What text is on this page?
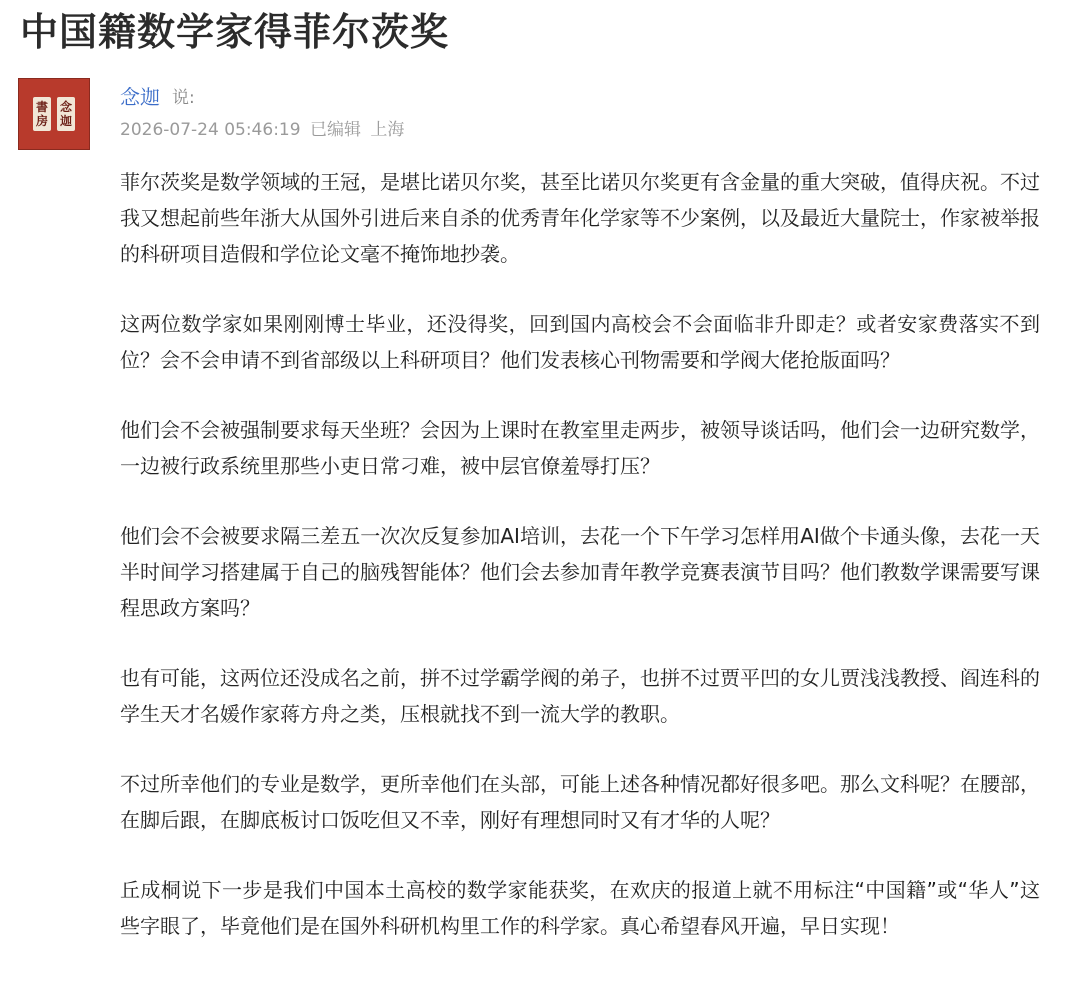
中国籍数学家得菲尔茨奖
念
迦
書
房
念迦 说:
2026-07-24 05:46:19 已编辑 上海

菲尔茨奖是数学领域的王冠，是堪比诺贝尔奖，甚至比诺贝尔奖更有含金量的重大突破，值得庆祝。不过我又想起前些年浙大从国外引进后来自杀的优秀青年化学家等不少案例，以及最近大量院士，作家被举报的科研项目造假和学位论文毫不掩饰地抄袭。

这两位数学家如果刚刚博士毕业，还没得奖，回到国内高校会不会面临非升即走？或者安家费落实不到位？会不会申请不到省部级以上科研项目？他们发表核心刊物需要和学阀大佬抢版面吗？

他们会不会被强制要求每天坐班？会因为上课时在教室里走两步，被领导谈话吗，他们会一边研究数学，一边被行政系统里那些小吏日常刁难，被中层官僚羞辱打压？

他们会不会被要求隔三差五一次次反复参加AI培训，去花一个下午学习怎样用AI做个卡通头像，去花一天半时间学习搭建属于自己的脑残智能体？他们会去参加青年教学竞赛表演节目吗？他们教数学课需要写课程思政方案吗？

也有可能，这两位还没成名之前，拼不过学霸学阀的弟子，也拼不过贾平凹的女儿贾浅浅教授、阎连科的学生天才名媛作家蒋方舟之类，压根就找不到一流大学的教职。

不过所幸他们的专业是数学，更所幸他们在头部，可能上述各种情况都好很多吧。那么文科呢？在腰部，在脚后跟，在脚底板讨口饭吃但又不幸，刚好有理想同时又有才华的人呢？

丘成桐说下一步是我们中国本土高校的数学家能获奖，在欢庆的报道上就不用标注“中国籍”或“华人”这些字眼了，毕竟他们是在国外科研机构里工作的科学家。真心希望春风开遍，早日实现！
